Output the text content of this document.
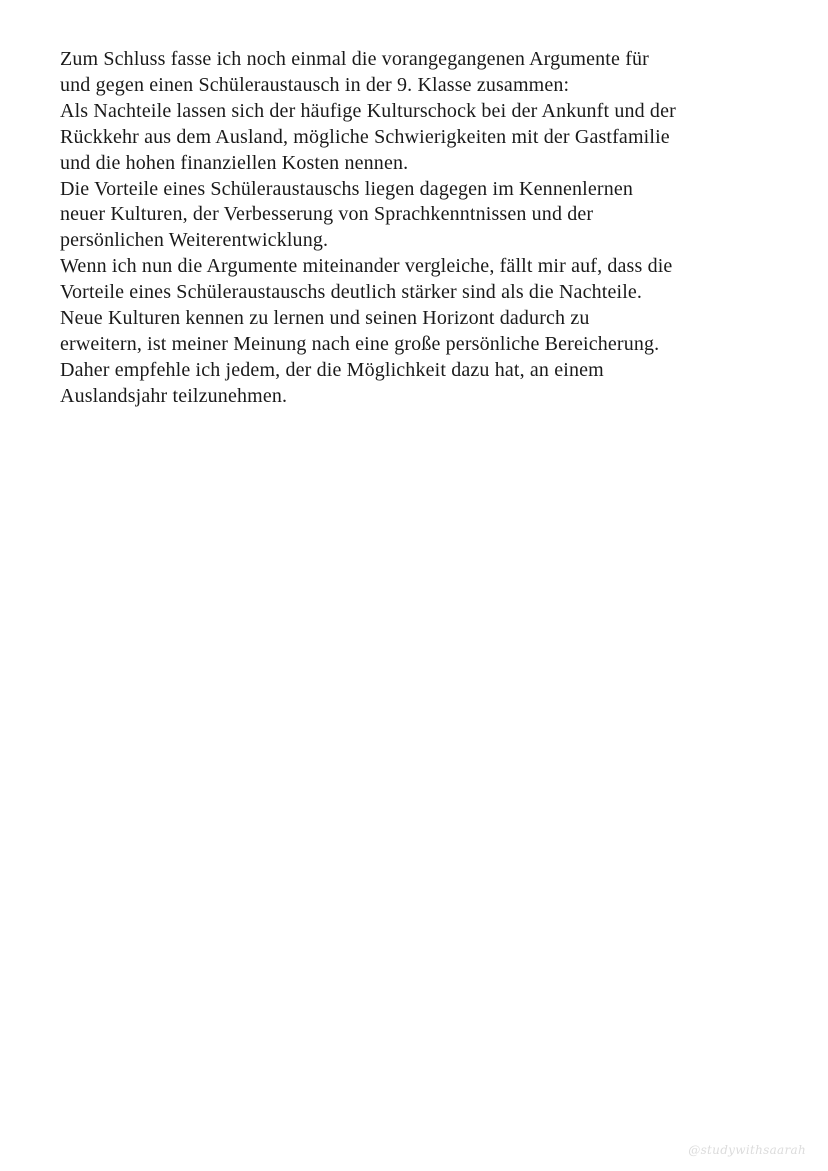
Zum Schluss fasse ich noch einmal die vorangegangenen Argumente für
und gegen einen Schüleraustausch in der 9. Klasse zusammen:
Als Nachteile lassen sich der häufige Kulturschock bei der Ankunft und der
Rückkehr aus dem Ausland, mögliche Schwierigkeiten mit der Gastfamilie
und die hohen finanziellen Kosten nennen.
Die Vorteile eines Schüleraustauschs liegen dagegen im Kennenlernen
neuer Kulturen, der Verbesserung von Sprachkenntnissen und der
persönlichen Weiterentwicklung.
Wenn ich nun die Argumente miteinander vergleiche, fällt mir auf, dass die
Vorteile eines Schüleraustauschs deutlich stärker sind als die Nachteile.
Neue Kulturen kennen zu lernen und seinen Horizont dadurch zu
erweitern, ist meiner Meinung nach eine große persönliche Bereicherung.
Daher empfehle ich jedem, der die Möglichkeit dazu hat, an einem
Auslandsjahr teilzunehmen.
@studywithsaarah
